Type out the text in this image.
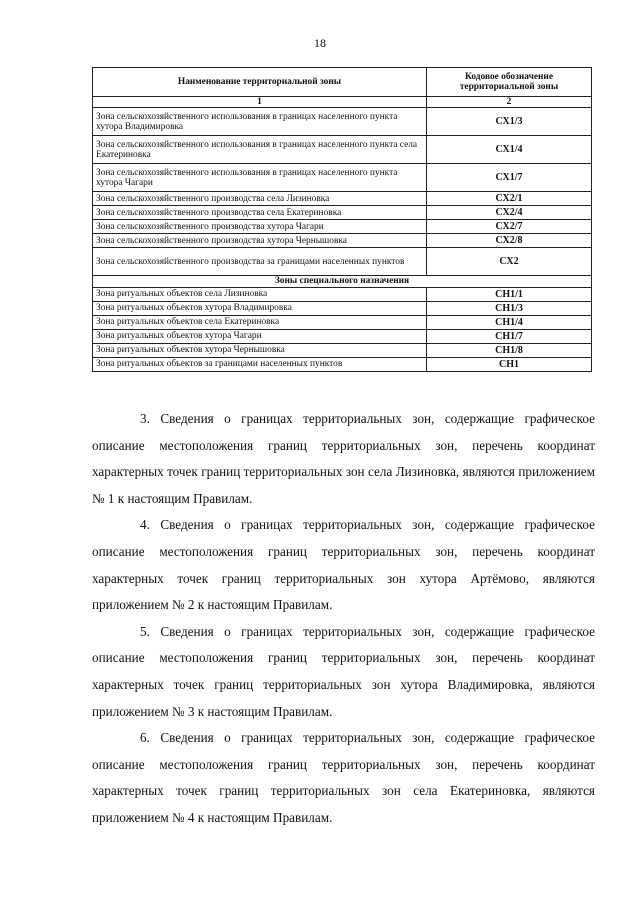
18
Наименование территориальной зоны	Кодовое обозначение территориальной зоны
1	2
Зона сельскохозяйственного использования в границах населенного пункта хутора Владимировка	СХ1/3
Зона сельскохозяйственного использования в границах населенного пункта села Екатериновка	СХ1/4
Зона сельскохозяйственного использования в границах населенного пункта хутора Чагари	СХ1/7
Зона сельскохозяйственного производства села Лизиновка	СХ2/1
Зона сельскохозяйственного производства села Екатериновка	СХ2/4
Зона сельскохозяйственного производства хутора Чагари	СХ2/7
Зона сельскохозяйственного производства хутора Чернышовка	СХ2/8
Зона сельскохозяйственного производства за границами населенных пунктов	СХ2
Зоны специального назначения	
Зона ритуальных объектов села Лизиновка	СН1/1
Зона ритуальных объектов хутора Владимировка	СН1/3
Зона ритуальных объектов села Екатериновка	СН1/4
Зона ритуальных объектов хутора Чагари	СН1/7
Зона ритуальных объектов хутора Чернышовка	СН1/8
Зона ритуальных объектов за границами населенных пунктов	СН1

3. Сведения о границах территориальных зон, содержащие графическое описание местоположения границ территориальных зон, перечень координат характерных точек границ территориальных зон села Лизиновка, являются приложением № 1 к настоящим Правилам.

4. Сведения о границах территориальных зон, содержащие графическое описание местоположения границ территориальных зон, перечень координат характерных точек границ территориальных зон хутора Артёмово, являются приложением № 2 к настоящим Правилам.

5. Сведения о границах территориальных зон, содержащие графическое описание местоположения границ территориальных зон, перечень координат характерных точек границ территориальных зон хутора Владимировка, являются приложением № 3 к настоящим Правилам.

6. Сведения о границах территориальных зон, содержащие графическое описание местоположения границ территориальных зон, перечень координат характерных точек границ территориальных зон села Екатериновка, являются приложением № 4 к настоящим Правилам.
